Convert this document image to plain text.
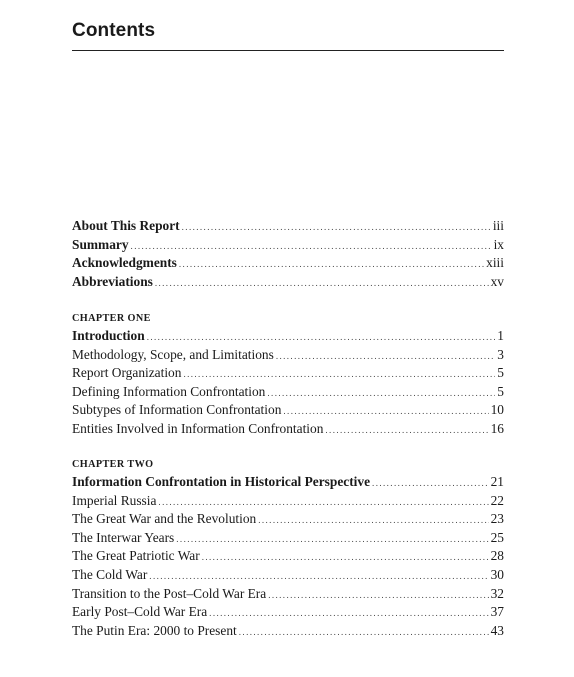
Contents
About This Report .....	iii
Summary .....	ix
Acknowledgments .....	xiii
Abbreviations .....	xv
CHAPTER ONE
Introduction .....	1
Methodology, Scope, and Limitations .....	3
Report Organization .....	5
Defining Information Confrontation .....	5
Subtypes of Information Confrontation .....	10
Entities Involved in Information Confrontation .....	16
CHAPTER TWO
Information Confrontation in Historical Perspective .....	21
Imperial Russia .....	22
The Great War and the Revolution .....	23
The Interwar Years .....	25
The Great Patriotic War .....	28
The Cold War .....	30
Transition to the Post–Cold War Era .....	32
Early Post–Cold War Era .....	37
The Putin Era: 2000 to Present .....	43
